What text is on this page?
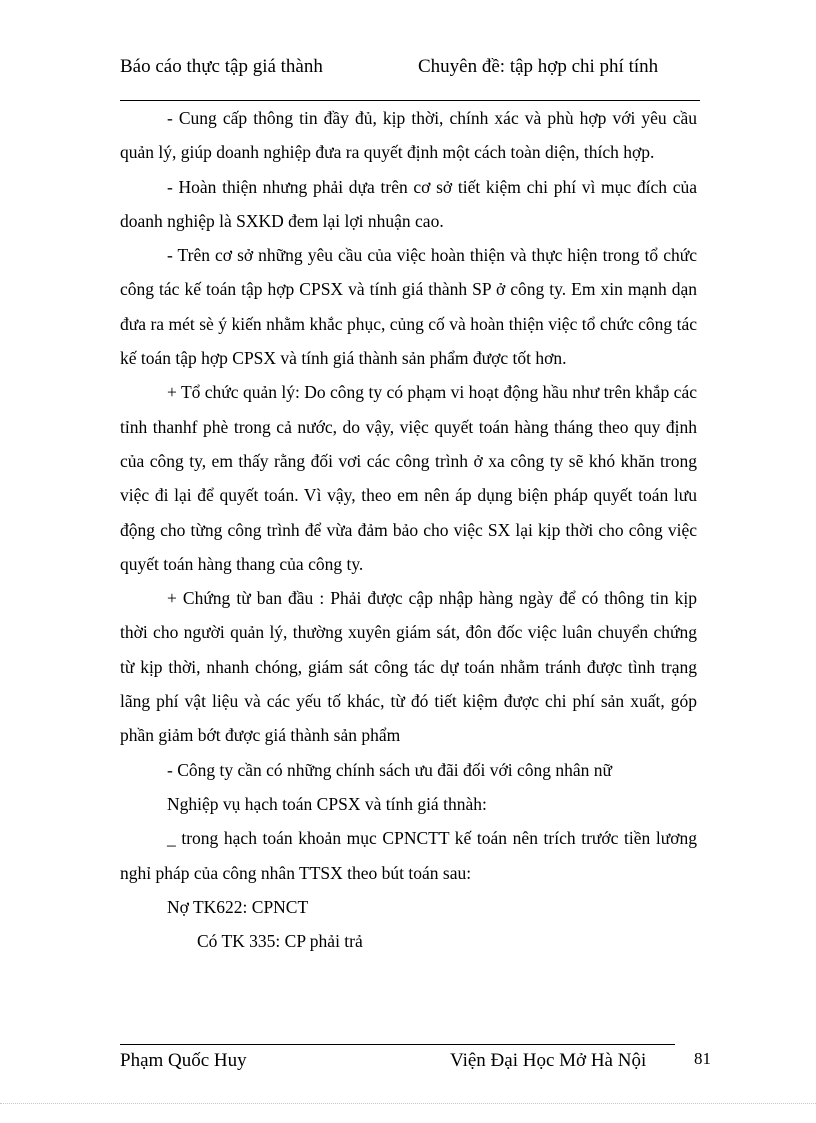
Báo cáo thực tập giá thành	Chuyên đề: tập hợp chi phí tính

- Cung cấp thông tin đầy đủ, kịp thời, chính xác và phù hợp với yêu cầu quản lý, giúp doanh nghiệp đưa ra quyết định một cách toàn diện, thích hợp.

- Hoàn thiện nhưng phải dựa trên cơ sở tiết kiệm chi phí vì mục đích của doanh nghiệp là SXKD đem lại lợi nhuận cao.

- Trên cơ sở những yêu cầu của việc hoàn thiện và thực hiện trong tổ chức công tác kế toán tập hợp CPSX và tính giá thành SP ở công ty. Em xin mạnh dạn đưa ra mét sè ý kiến nhằm khắc phục, củng cố và hoàn thiện việc tổ chức công tác kế toán tập hợp CPSX và tính giá thành sản phẩm được tốt hơn.

+ Tổ chức quản lý: Do công ty có phạm vi hoạt động hầu như trên khắp các tỉnh thanhf phè trong cả nước, do vậy, việc quyết toán hàng tháng theo quy định của công ty, em thấy rằng đối vơi các công trình ở xa công ty sẽ khó khăn trong việc đi lại để quyết toán. Vì vậy, theo em nên áp dụng biện pháp quyết toán lưu động cho từng công trình để vừa đảm bảo cho việc SX lại kịp thời cho công việc quyết toán hàng thang của công ty.

+ Chứng từ ban đầu : Phải được cập nhập hàng ngày để có thông tin kịp thời cho người quản lý, thường xuyên giám sát, đôn đốc việc luân chuyển chứng từ kịp thời, nhanh chóng, giám sát công tác dự toán nhằm tránh được tình trạng lãng phí vật liệu và các yếu tố khác, từ đó tiết kiệm được chi phí sản xuất, góp phần giảm bớt được giá thành sản phẩm

- Công ty cần có những chính sách ưu đãi đối với công nhân nữ

Nghiệp vụ hạch toán CPSX và tính giá thnàh:

_ trong hạch toán khoản mục CPNCTT kế toán nên trích trước tiền lương nghỉ pháp của công nhân TTSX theo bút toán sau:

Nợ TK622: CPNCT

Có TK 335: CP phải trả

Phạm Quốc Huy	Viện Đại Học Mở Hà Nội	81
